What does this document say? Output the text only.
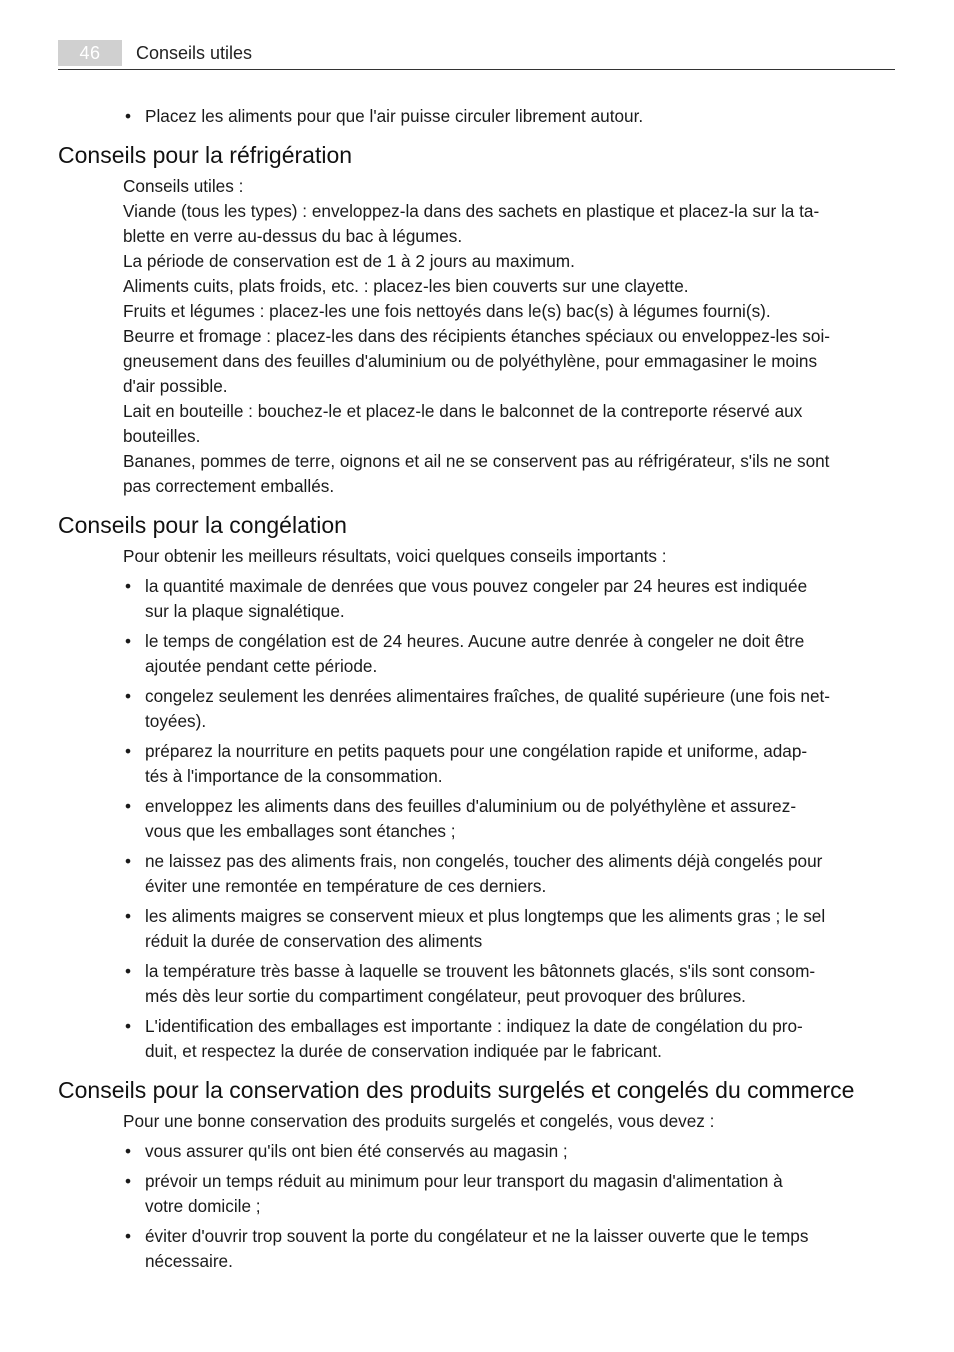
46	Conseils utiles
• Placez les aliments pour que l'air puisse circuler librement autour.
Conseils pour la réfrigération

Conseils utiles :

Viande (tous les types) : enveloppez-la dans des sachets en plastique et placez-la sur la ta-

blette en verre au-dessus du bac à légumes.

La période de conservation est de 1 à 2 jours au maximum.

Aliments cuits, plats froids, etc. : placez-les bien couverts sur une clayette.

Fruits et légumes : placez-les une fois nettoyés dans le(s) bac(s) à légumes fourni(s).

Beurre et fromage : placez-les dans des récipients étanches spéciaux ou enveloppez-les soi-

gneusement dans des feuilles d'aluminium ou de polyéthylène, pour emmagasiner le moins

d'air possible.

Lait en bouteille : bouchez-le et placez-le dans le balconnet de la contreporte réservé aux

bouteilles.

Bananes, pommes de terre, oignons et ail ne se conservent pas au réfrigérateur, s'ils ne sont

pas correctement emballés.

Conseils pour la congélation

Pour obtenir les meilleurs résultats, voici quelques conseils importants :

• la quantité maximale de denrées que vous pouvez congeler par 24 heures est indiquée

sur la plaque signalétique.

• le temps de congélation est de 24 heures. Aucune autre denrée à congeler ne doit être

ajoutée pendant cette période.

• congelez seulement les denrées alimentaires fraîches, de qualité supérieure (une fois net-

toyées).

• préparez la nourriture en petits paquets pour une congélation rapide et uniforme, adap-

tés à l'importance de la consommation.

• enveloppez les aliments dans des feuilles d'aluminium ou de polyéthylène et assurez-

vous que les emballages sont étanches ;

• ne laissez pas des aliments frais, non congelés, toucher des aliments déjà congelés pour

éviter une remontée en température de ces derniers.

• les aliments maigres se conservent mieux et plus longtemps que les aliments gras ; le sel

réduit la durée de conservation des aliments

• la température très basse à laquelle se trouvent les bâtonnets glacés, s'ils sont consom-

més dès leur sortie du compartiment congélateur, peut provoquer des brûlures.

• L'identification des emballages est importante : indiquez la date de congélation du pro-

duit, et respectez la durée de conservation indiquée par le fabricant.

Conseils pour la conservation des produits surgelés et congelés du commerce

Pour une bonne conservation des produits surgelés et congelés, vous devez :

• vous assurer qu'ils ont bien été conservés au magasin ;

• prévoir un temps réduit au minimum pour leur transport du magasin d'alimentation à

votre domicile ;

• éviter d'ouvrir trop souvent la porte du congélateur et ne la laisser ouverte que le temps

nécessaire.
